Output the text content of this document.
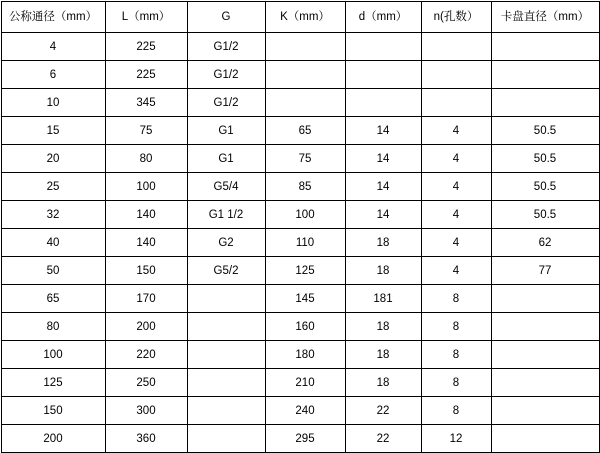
公称通径（mm）	L（mm）	G	K（mm）	d（mm）	n(孔数）	卡盘直径（mm）
4	225	G1/2				
6	225	G1/2				
10	345	G1/2				
15	75	G1	65	14	4	50.5
20	80	G1	75	14	4	50.5
25	100	G5/4	85	14	4	50.5
32	140	G1 1/2	100	14	4	50.5
40	140	G2	110	18	4	62
50	150	G5/2	125	18	4	77
65	170		145	181	8	
80	200		160	18	8	
100	220		180	18	8	
125	250		210	18	8	
150	300		240	22	8	
200	360		295	22	12	
